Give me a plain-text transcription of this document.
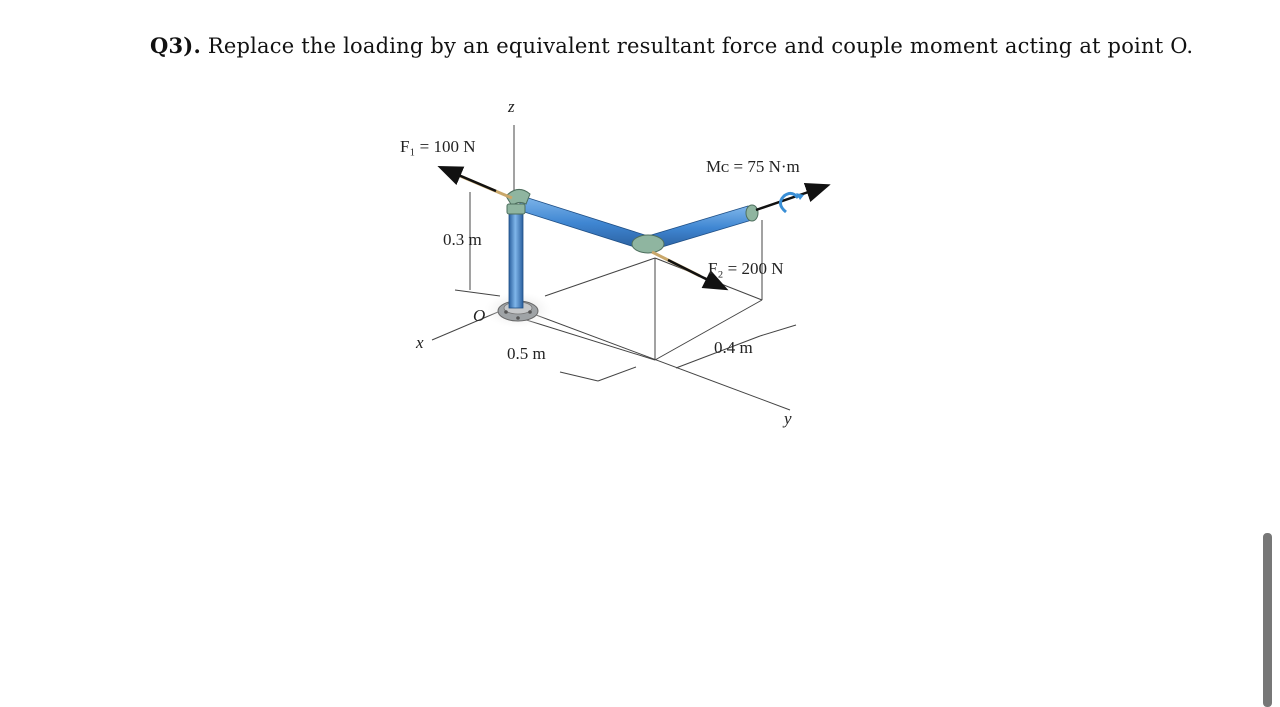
Q3). Replace the loading by an equivalent resultant force and couple moment acting at point O.
z
x
y
O
F₁ = 100 N
F₂ = 200 N
Mᴄ = 75 N·m
0.3 m
0.5 m	0.4 m
